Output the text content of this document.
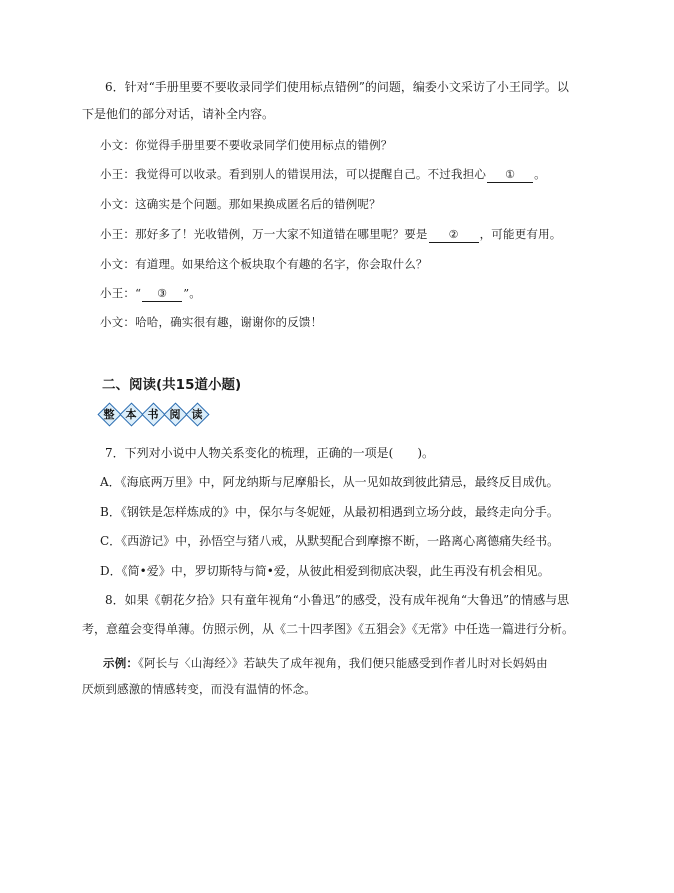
6．针对“手册里要不要收录同学们使用标点错例”的问题，编委小文采访了小王同学。以
下是他们的部分对话，请补全内容。
小文：你觉得手册里要不要收录同学们使用标点的错例？
小王：我觉得可以收录。看到别人的错误用法，可以提醒自己。不过我担心 ① 。
小文：这确实是个问题。那如果换成匿名后的错例呢？
小王：那好多了！光收错例，万一大家不知道错在哪里呢？要是 ② ，可能更有用。
小文：有道理。如果给这个板块取个有趣的名字，你会取什么？
小王：“ ③ ”。
小文：哈哈，确实很有趣，谢谢你的反馈！
二、阅读(共15道小题)
整 本 书 阅 读
7．下列对小说中人物关系变化的梳理，正确的一项是(　　)。
A．《海底两万里》中，阿龙纳斯与尼摩船长，从一见如故到彼此猜忌，最终反目成仇。
B．《钢铁是怎样炼成的》中，保尔与冬妮娅，从最初相遇到立场分歧，最终走向分手。
C．《西游记》中，孙悟空与猪八戒，从默契配合到摩擦不断，一路离心离德痛失经书。
D．《简•爱》中，罗切斯特与简•爱，从彼此相爱到彻底决裂，此生再没有机会相见。
8．如果《朝花夕拾》只有童年视角“小鲁迅”的感受，没有成年视角“大鲁迅”的情感与思
考，意蕴会变得单薄。仿照示例，从《二十四孝图》《五猖会》《无常》中任选一篇进行分析。
示例：《阿长与〈山海经〉》若缺失了成年视角，我们便只能感受到作者儿时对长妈妈由
厌烦到感激的情感转变，而没有温情的怀念。
